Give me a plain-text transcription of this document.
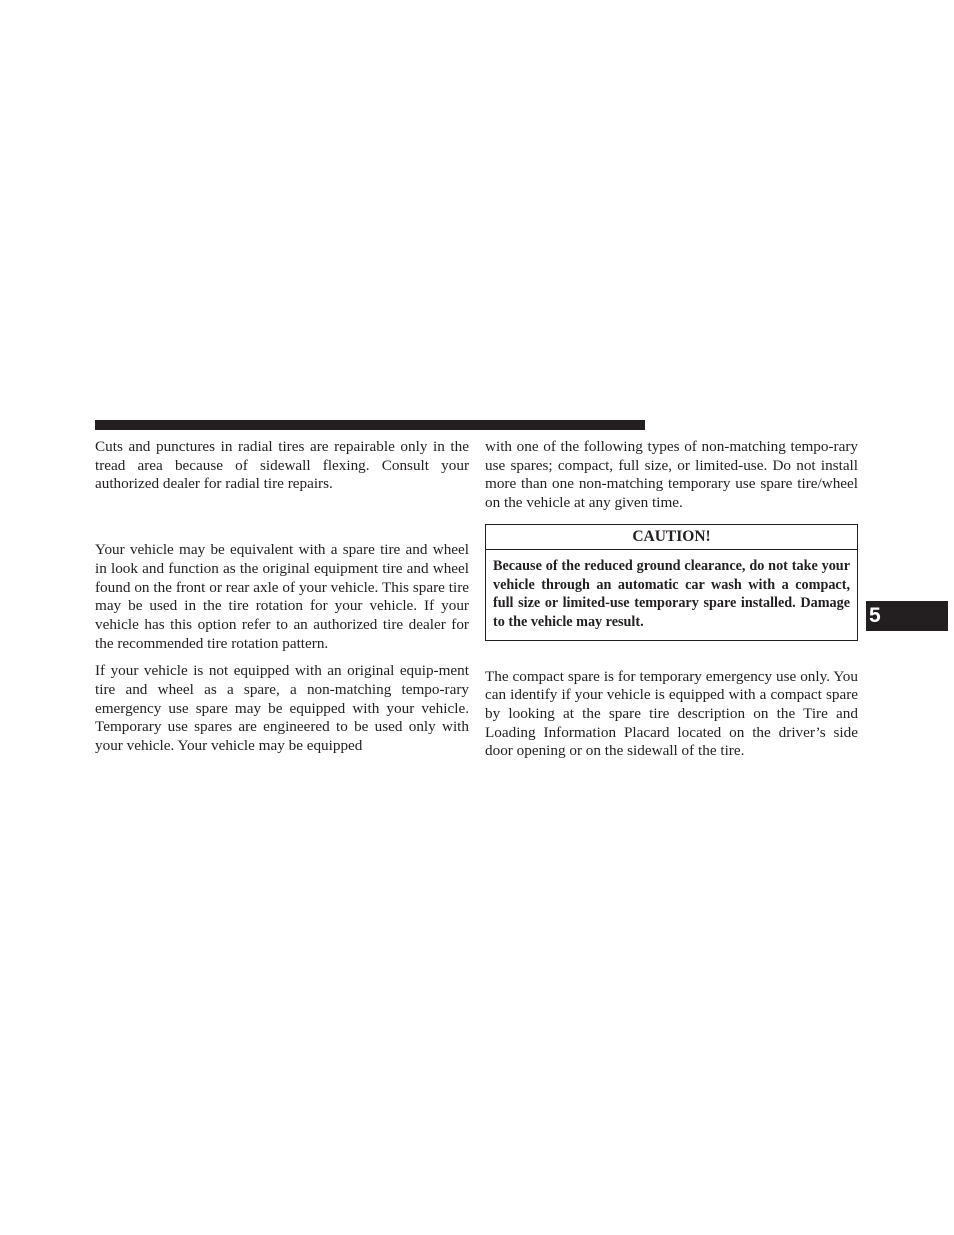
Cuts and punctures in radial tires are repairable only in the tread area because of sidewall flexing. Consult your authorized dealer for radial tire repairs.

Your vehicle may be equivalent with a spare tire and wheel in look and function as the original equipment tire and wheel found on the front or rear axle of your vehicle. This spare tire may be used in the tire rotation for your vehicle. If your vehicle has this option refer to an authorized tire dealer for the recommended tire rotation pattern.

If your vehicle is not equipped with an original equip-ment tire and wheel as a spare, a non-matching tempo-rary emergency use spare may be equipped with your vehicle. Temporary use spares are engineered to be used only with your vehicle. Your vehicle may be equipped

with one of the following types of non-matching tempo-rary use spares; compact, full size, or limited-use. Do not install more than one non-matching temporary use spare tire/wheel on the vehicle at any given time.

CAUTION!
Because of the reduced ground clearance, do not take your vehicle through an automatic car wash with a compact, full size or limited-use temporary spare installed. Damage to the vehicle may result.

The compact spare is for temporary emergency use only. You can identify if your vehicle is equipped with a compact spare by looking at the spare tire description on the Tire and Loading Information Placard located on the driver’s side door opening or on the sidewall of the tire.

5
